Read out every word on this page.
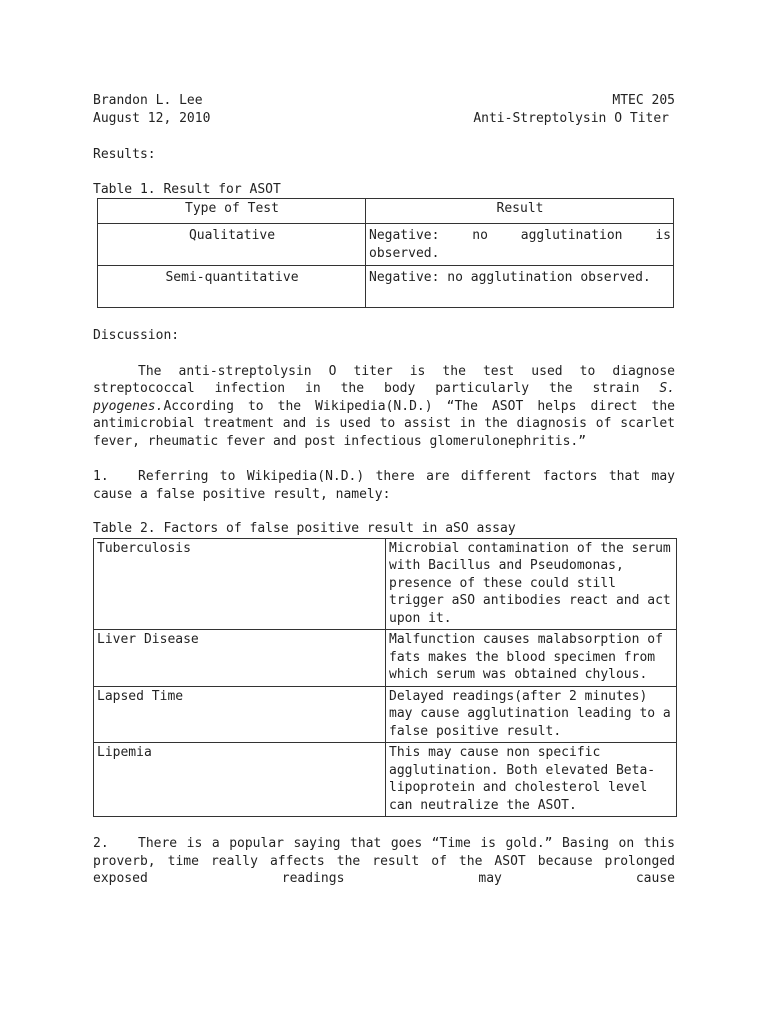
Brandon L. Lee	MTEC 205
August 12, 2010	Anti-Streptolysin O Titer
Results:
Table 1. Result for ASOT
Type of Test	Result
Qualitative	Negative: no agglutination is observed.
Semi-quantitative	Negative: no agglutination observed.
Discussion:
The anti-streptolysin O titer is the test used to diagnose streptococcal infection in the body particularly the strain S. pyogenes.According to the Wikipedia(N.D.) “The ASOT helps direct the antimicrobial treatment and is used to assist in the diagnosis of scarlet fever, rheumatic fever and post infectious glomerulonephritis.”
1. Referring to Wikipedia(N.D.) there are different factors that may cause a false positive result, namely:
Table 2. Factors of false positive result in aSO assay
Tuberculosis	Microbial contamination of the serum with Bacillus and Pseudomonas, presence of these could still trigger aSO antibodies react and act upon it.
Liver Disease	Malfunction causes malabsorption of fats makes the blood specimen from which serum was obtained chylous.
Lapsed Time	Delayed readings(after 2 minutes) may cause agglutination leading to a false positive result.
Lipemia	This may cause non specific agglutination. Both elevated Beta-lipoprotein and cholesterol level can neutralize the ASOT.
2. There is a popular saying that goes “Time is gold.” Basing on this proverb, time really affects the result of the ASOT because prolonged exposed readings may cause
